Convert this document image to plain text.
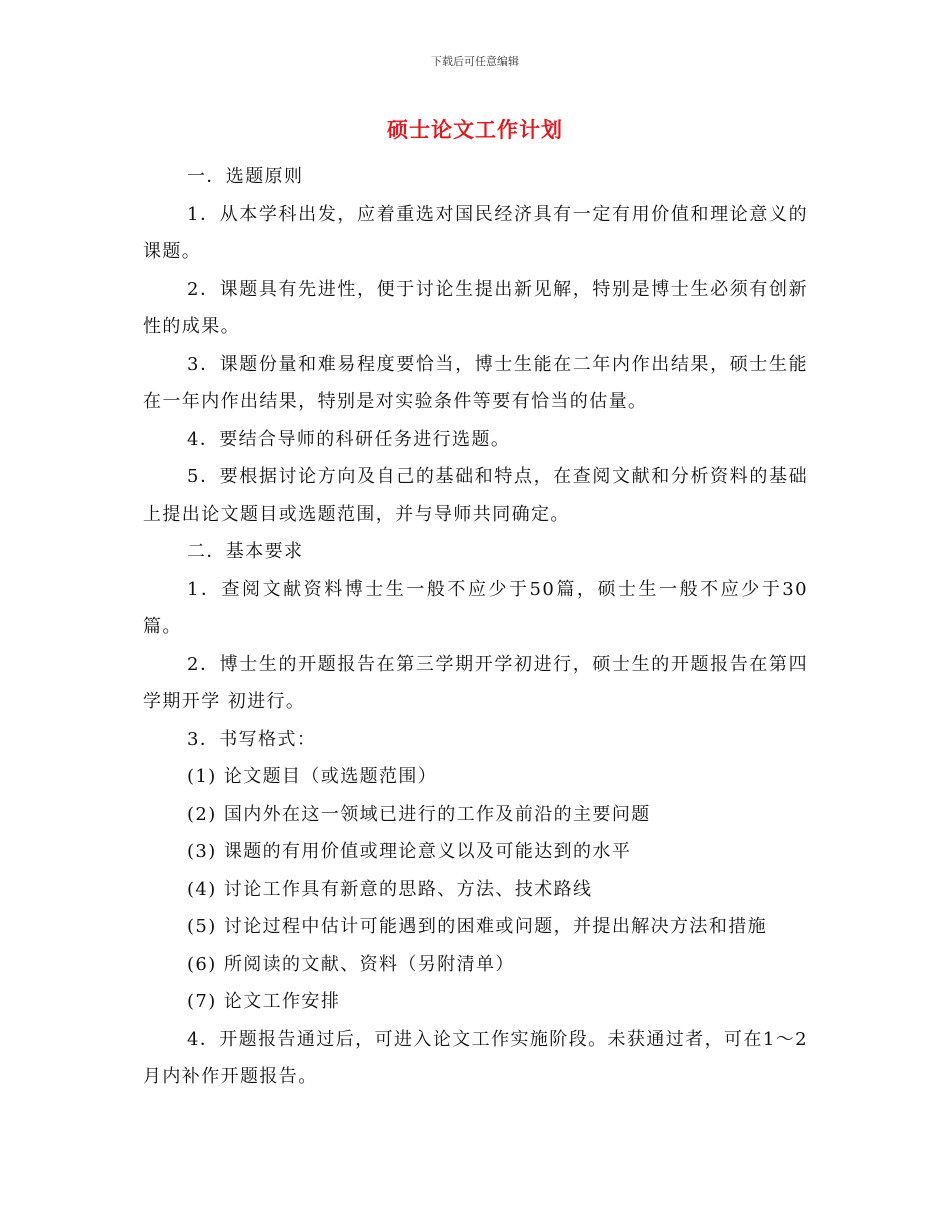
下载后可任意编辑
硕士论文工作计划

一．选题原则

1．从本学科出发，应着重选对国民经济具有一定有用价值和理论意义的课题。

2．课题具有先进性，便于讨论生提出新见解，特别是博士生必须有创新性的成果。

3．课题份量和难易程度要恰当，博士生能在二年内作出结果，硕士生能在一年内作出结果，特别是对实验条件等要有恰当的估量。

4．要结合导师的科研任务进行选题。

5．要根据讨论方向及自己的基础和特点，在查阅文献和分析资料的基础上提出论文题目或选题范围，并与导师共同确定。

二．基本要求

1．查阅文献资料博士生一般不应少于50篇，硕士生一般不应少于30篇。

2．博士生的开题报告在第三学期开学初进行，硕士生的开题报告在第四学期开学 初进行。

3．书写格式：

(1) 论文题目（或选题范围）

(2) 国内外在这一领域已进行的工作及前沿的主要问题

(3) 课题的有用价值或理论意义以及可能达到的水平

(4) 讨论工作具有新意的思路、方法、技术路线

(5) 讨论过程中估计可能遇到的困难或问题，并提出解决方法和措施

(6) 所阅读的文献、资料（另附清单）

(7) 论文工作安排

4．开题报告通过后，可进入论文工作实施阶段。未获通过者，可在1～2月内补作开题报告。
